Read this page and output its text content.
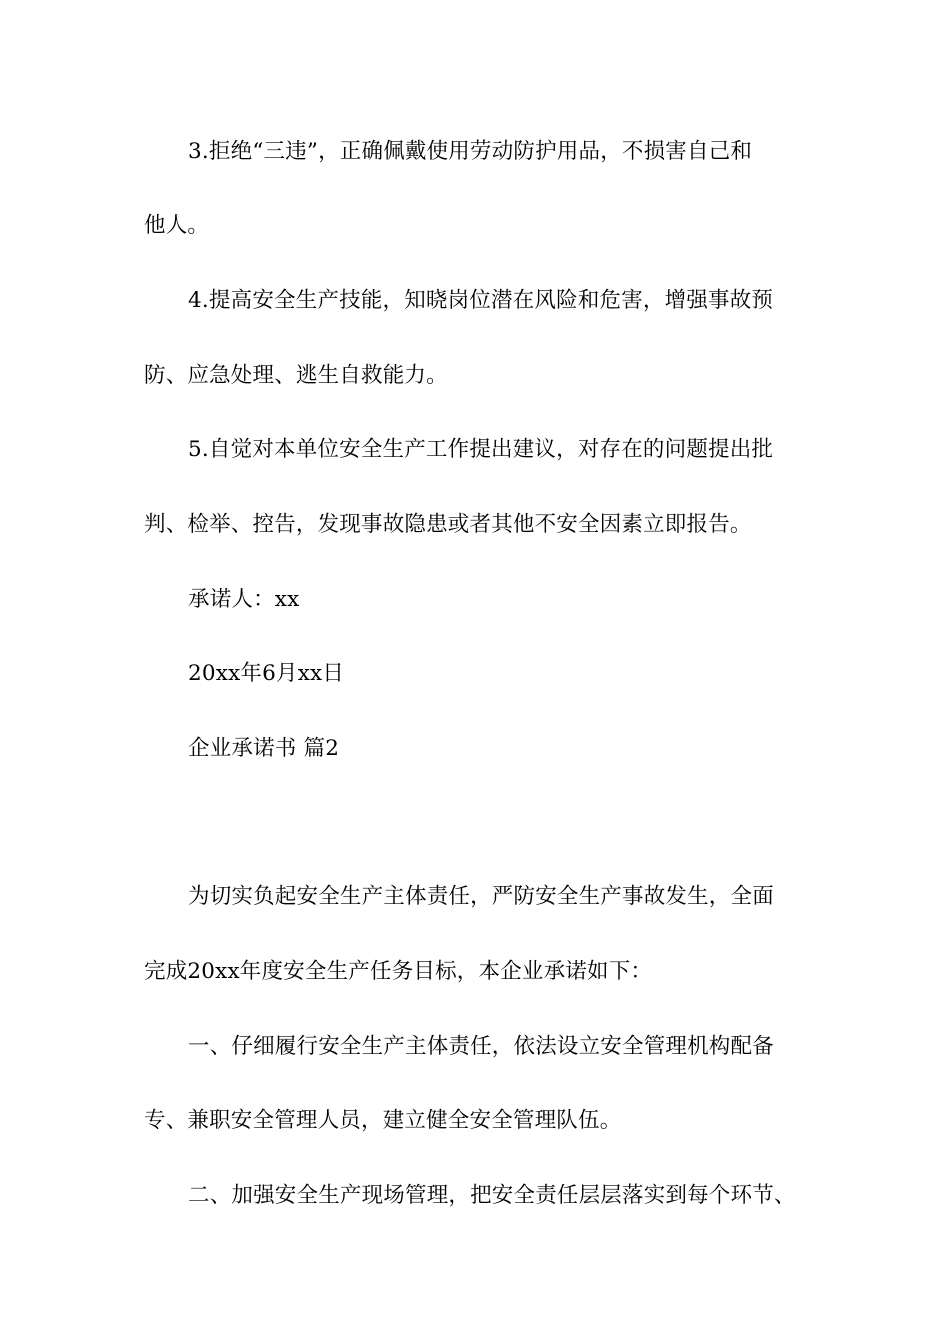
3.拒绝“三违”，正确佩戴使用劳动防护用品，不损害自己和
他人。
4.提高安全生产技能，知晓岗位潜在风险和危害，增强事故预
防、应急处理、逃生自救能力。
5.自觉对本单位安全生产工作提出建议，对存在的问题提出批
判、检举、控告，发现事故隐患或者其他不安全因素立即报告。
承诺人：xx
20xx年6月xx日
企业承诺书 篇2
为切实负起安全生产主体责任，严防安全生产事故发生，全面
完成20xx年度安全生产任务目标，本企业承诺如下：
一、仔细履行安全生产主体责任，依法设立安全管理机构配备
专、兼职安全管理人员，建立健全安全管理队伍。
二、加强安全生产现场管理，把安全责任层层落实到每个环节、
